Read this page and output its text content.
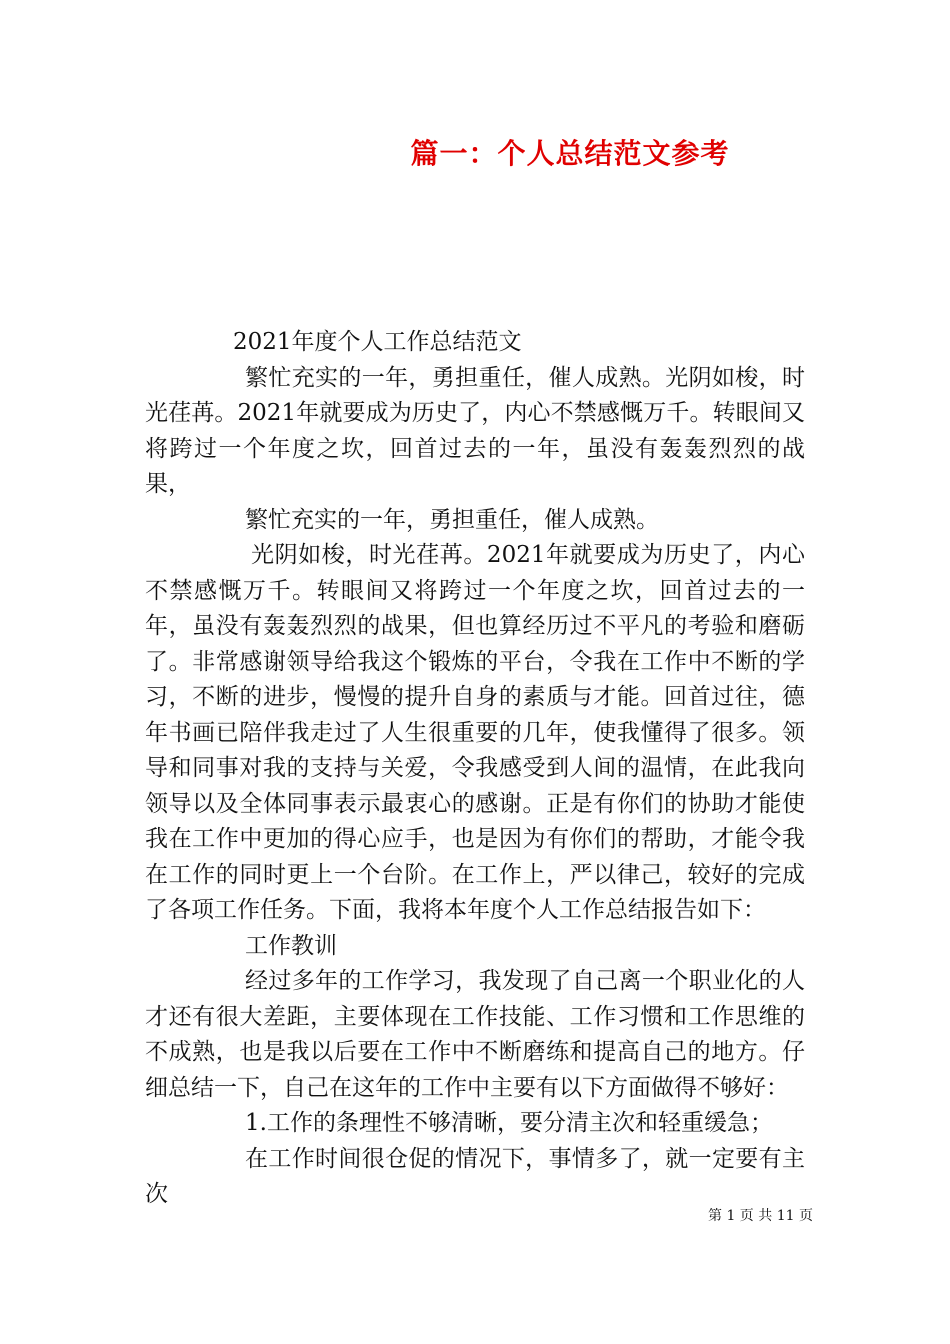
篇一：个人总结范文参考

2021年度个人工作总结范文

繁忙充实的一年，勇担重任，催人成熟。光阴如梭，时光荏苒。2021年就要成为历史了，内心不禁感慨万千。转眼间又将跨过一个年度之坎，回首过去的一年，虽没有轰轰烈烈的战果，

繁忙充实的一年，勇担重任，催人成熟。

光阴如梭，时光荏苒。2021年就要成为历史了，内心不禁感慨万千。转眼间又将跨过一个年度之坎，回首过去的一年，虽没有轰轰烈烈的战果，但也算经历过不平凡的考验和磨砺了。非常感谢领导给我这个锻炼的平台，令我在工作中不断的学习，不断的进步，慢慢的提升自身的素质与才能。回首过往，德年书画已陪伴我走过了人生很重要的几年，使我懂得了很多。领导和同事对我的支持与关爱，令我感受到人间的温情，在此我向领导以及全体同事表示最衷心的感谢。正是有你们的协助才能使我在工作中更加的得心应手，也是因为有你们的帮助，才能令我在工作的同时更上一个台阶。在工作上，严以律己，较好的完成了各项工作任务。下面，我将本年度个人工作总结报告如下：

工作教训

经过多年的工作学习，我发现了自己离一个职业化的人才还有很大差距，主要体现在工作技能、工作习惯和工作思维的不成熟，也是我以后要在工作中不断磨练和提高自己的地方。仔细总结一下，自己在这年的工作中主要有以下方面做得不够好：

1.工作的条理性不够清晰，要分清主次和轻重缓急；

在工作时间很仓促的情况下，事情多了，就一定要有主次

第 1 页 共 11 页
